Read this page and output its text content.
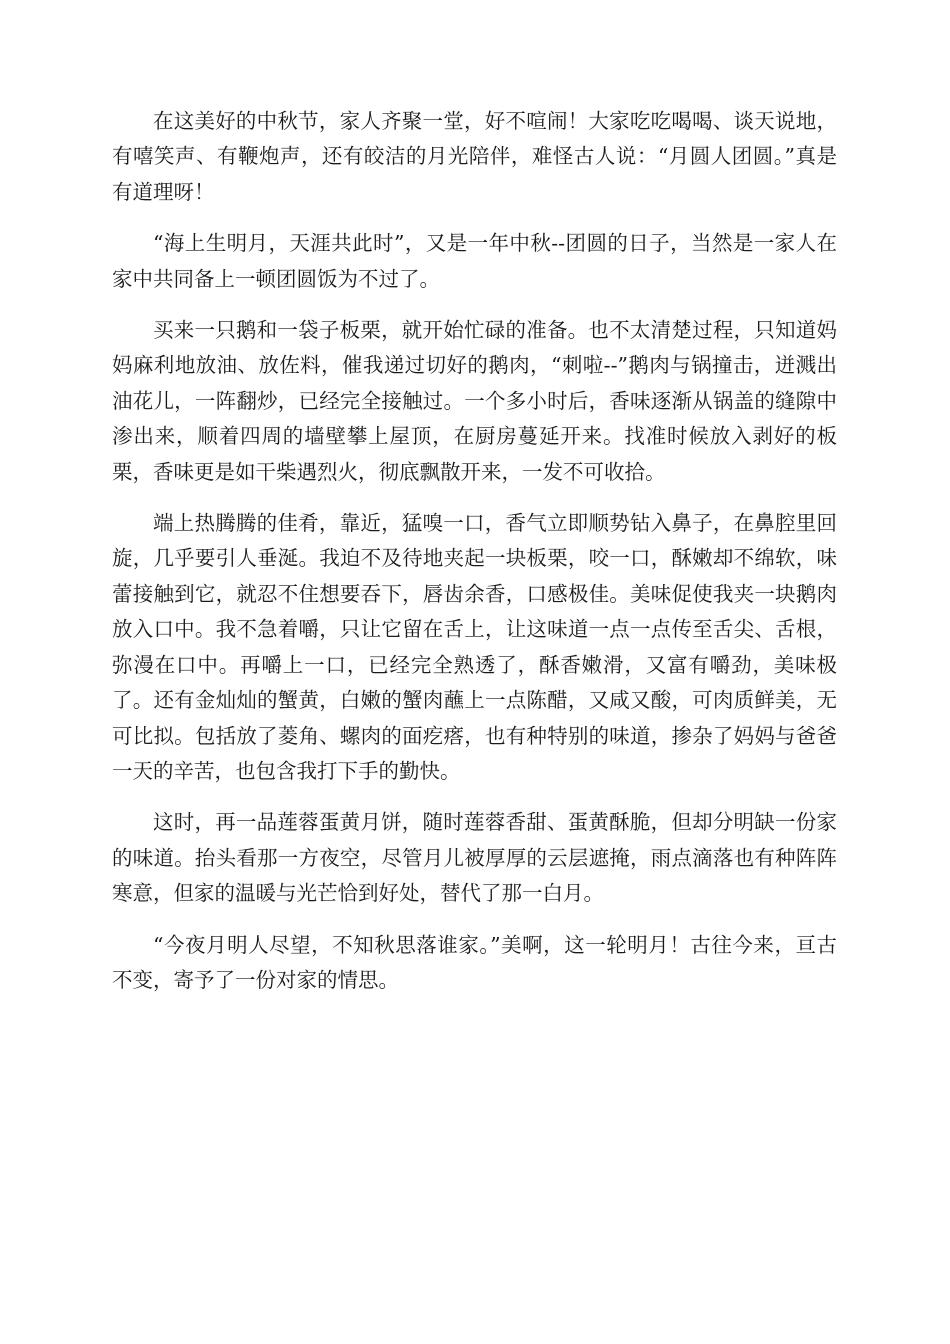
在这美好的中秋节，家人齐聚一堂，好不喧闹！大家吃吃喝喝、谈天说地，有嘻笑声、有鞭炮声，还有皎洁的月光陪伴，难怪古人说：“月圆人团圆。”真是有道理呀！

“海上生明月，天涯共此时”，又是一年中秋--团圆的日子，当然是一家人在家中共同备上一顿团圆饭为不过了。

买来一只鹅和一袋子板栗，就开始忙碌的准备。也不太清楚过程，只知道妈妈麻利地放油、放佐料，催我递过切好的鹅肉，“刺啦--”鹅肉与锅撞击，迸溅出油花儿，一阵翻炒，已经完全接触过。一个多小时后，香味逐渐从锅盖的缝隙中渗出来，顺着四周的墙壁攀上屋顶，在厨房蔓延开来。找准时候放入剥好的板栗，香味更是如干柴遇烈火，彻底飘散开来，一发不可收拾。

端上热腾腾的佳肴，靠近，猛嗅一口，香气立即顺势钻入鼻子，在鼻腔里回旋，几乎要引人垂涎。我迫不及待地夹起一块板栗，咬一口，酥嫩却不绵软，味蕾接触到它，就忍不住想要吞下，唇齿余香，口感极佳。美味促使我夹一块鹅肉放入口中。我不急着嚼，只让它留在舌上，让这味道一点一点传至舌尖、舌根，弥漫在口中。再嚼上一口，已经完全熟透了，酥香嫩滑，又富有嚼劲，美味极了。还有金灿灿的蟹黄，白嫩的蟹肉蘸上一点陈醋，又咸又酸，可肉质鲜美，无可比拟。包括放了菱角、螺肉的面疙瘩，也有种特别的味道，掺杂了妈妈与爸爸一天的辛苦，也包含我打下手的勤快。

这时，再一品莲蓉蛋黄月饼，随时莲蓉香甜、蛋黄酥脆，但却分明缺一份家的味道。抬头看那一方夜空，尽管月儿被厚厚的云层遮掩，雨点滴落也有种阵阵寒意，但家的温暖与光芒恰到好处，替代了那一白月。

“今夜月明人尽望，不知秋思落谁家。”美啊，这一轮明月！古往今来，亘古不变，寄予了一份对家的情思。
